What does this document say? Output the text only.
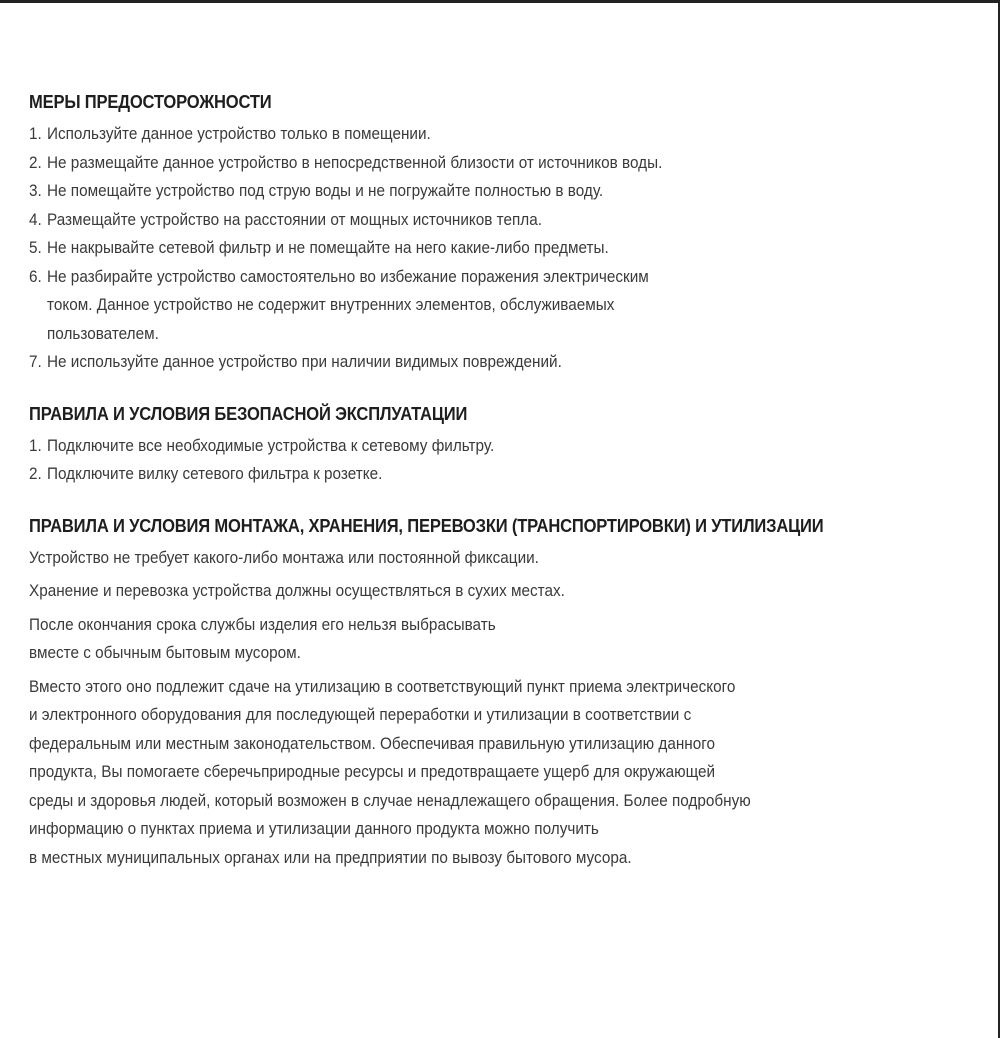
МЕРЫ ПРЕДОСТОРОЖНОСТИ
1. Используйте данное устройство только в помещении.
2. Не размещайте данное устройство в непосредственной близости от источников воды.
3. Не помещайте устройство под струю воды и не погружайте полностью в воду.
4. Размещайте устройство на расстоянии от мощных источников тепла.
5. Не накрывайте сетевой фильтр и не помещайте на него какие-либо предметы.
6. Не разбирайте устройство самостоятельно во избежание поражения электрическим
током. Данное устройство не содержит внутренних элементов, обслуживаемых
пользователем.
7. Не используйте данное устройство при наличии видимых повреждений.
ПРАВИЛА И УСЛОВИЯ БЕЗОПАСНОЙ ЭКСПЛУАТАЦИИ
1. Подключите все необходимые устройства к сетевому фильтру.
2. Подключите вилку сетевого фильтра к розетке.
ПРАВИЛА И УСЛОВИЯ МОНТАЖА, ХРАНЕНИЯ, ПЕРЕВОЗКИ (ТРАНСПОРТИРОВКИ) И УТИЛИЗАЦИИ

Устройство не требует какого-либо монтажа или постоянной фиксации.

Хранение и перевозка устройства должны осуществляться в сухих местах.

После окончания срока службы изделия его нельзя выбрасывать
вместе с обычным бытовым мусором.

Вместо этого оно подлежит сдаче на утилизацию в соответствующий пункт приема электрического
и электронного оборудования для последующей переработки и утилизации в соответствии с
федеральным или местным законодательством. Обеспечивая правильную утилизацию данного
продукта, Вы помогаете сберечьприродные ресурсы и предотвращаете ущерб для окружающей
среды и здоровья людей, который возможен в случае ненадлежащего обращения. Более подробную
информацию о пунктах приема и утилизации данного продукта можно получить
в местных муниципальных органах или на предприятии по вывозу бытового мусора.
